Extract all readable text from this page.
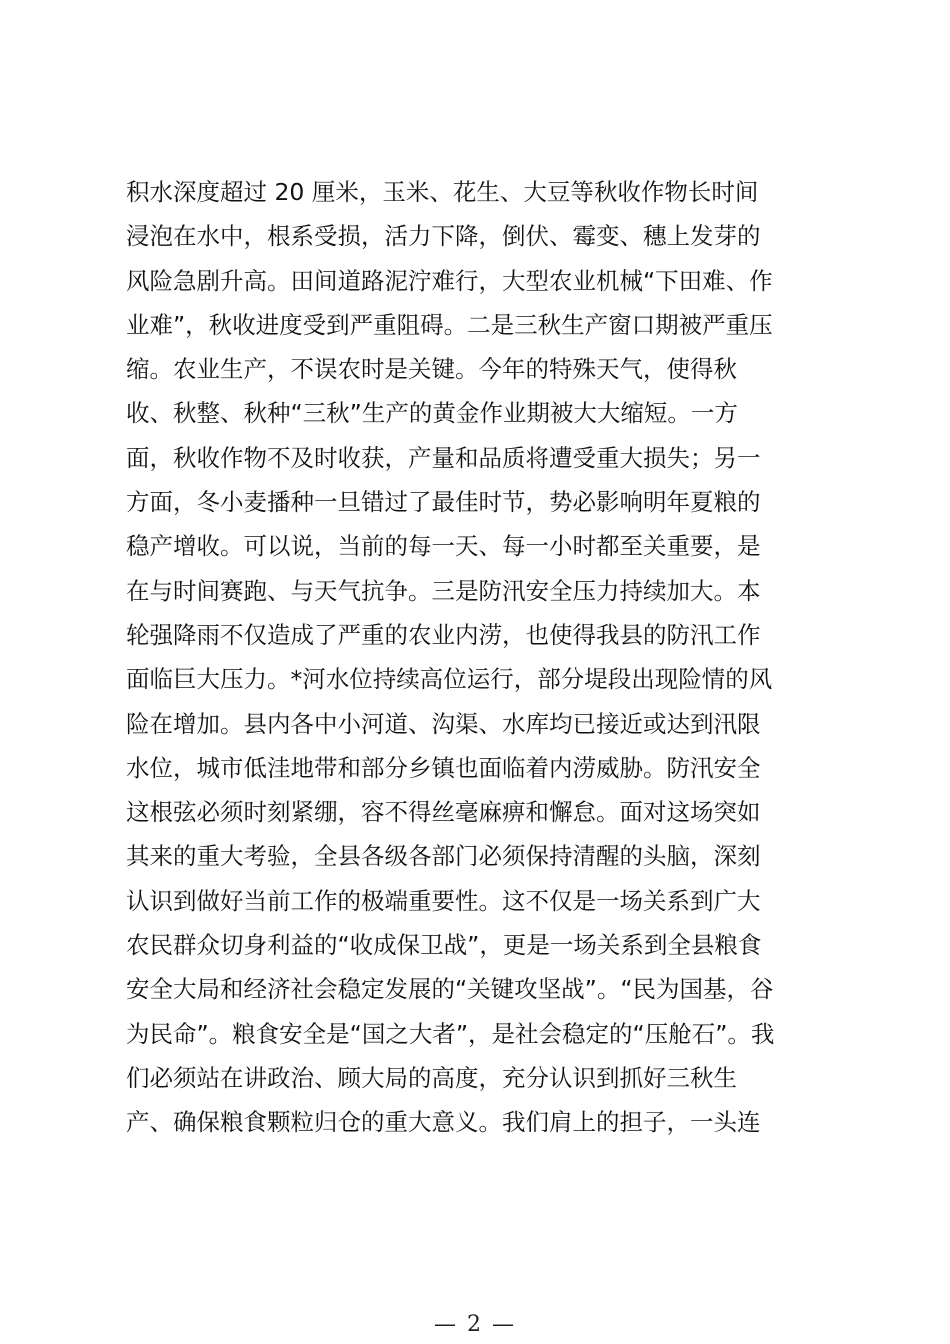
积水深度超过 20 厘米，玉米、花生、大豆等秋收作物长时间
浸泡在水中，根系受损，活力下降，倒伏、霉变、穗上发芽的
风险急剧升高。田间道路泥泞难行，大型农业机械“下田难、作
业难”，秋收进度受到严重阻碍。二是三秋生产窗口期被严重压
缩。农业生产，不误农时是关键。今年的特殊天气，使得秋
收、秋整、秋种“三秋”生产的黄金作业期被大大缩短。一方
面，秋收作物不及时收获，产量和品质将遭受重大损失；另一
方面，冬小麦播种一旦错过了最佳时节，势必影响明年夏粮的
稳产增收。可以说，当前的每一天、每一小时都至关重要，是
在与时间赛跑、与天气抗争。三是防汛安全压力持续加大。本
轮强降雨不仅造成了严重的农业内涝，也使得我县的防汛工作
面临巨大压力。*河水位持续高位运行，部分堤段出现险情的风
险在增加。县内各中小河道、沟渠、水库均已接近或达到汛限
水位，城市低洼地带和部分乡镇也面临着内涝威胁。防汛安全
这根弦必须时刻紧绷，容不得丝毫麻痹和懈怠。面对这场突如
其来的重大考验，全县各级各部门必须保持清醒的头脑，深刻
认识到做好当前工作的极端重要性。这不仅是一场关系到广大
农民群众切身利益的“收成保卫战”，更是一场关系到全县粮食
安全大局和经济社会稳定发展的“关键攻坚战”。“民为国基，谷
为民命”。粮食安全是“国之大者”，是社会稳定的“压舱石”。我
们必须站在讲政治、顾大局的高度，充分认识到抓好三秋生
产、确保粮食颗粒归仓的重大意义。我们肩上的担子，一头连
— 2 —
